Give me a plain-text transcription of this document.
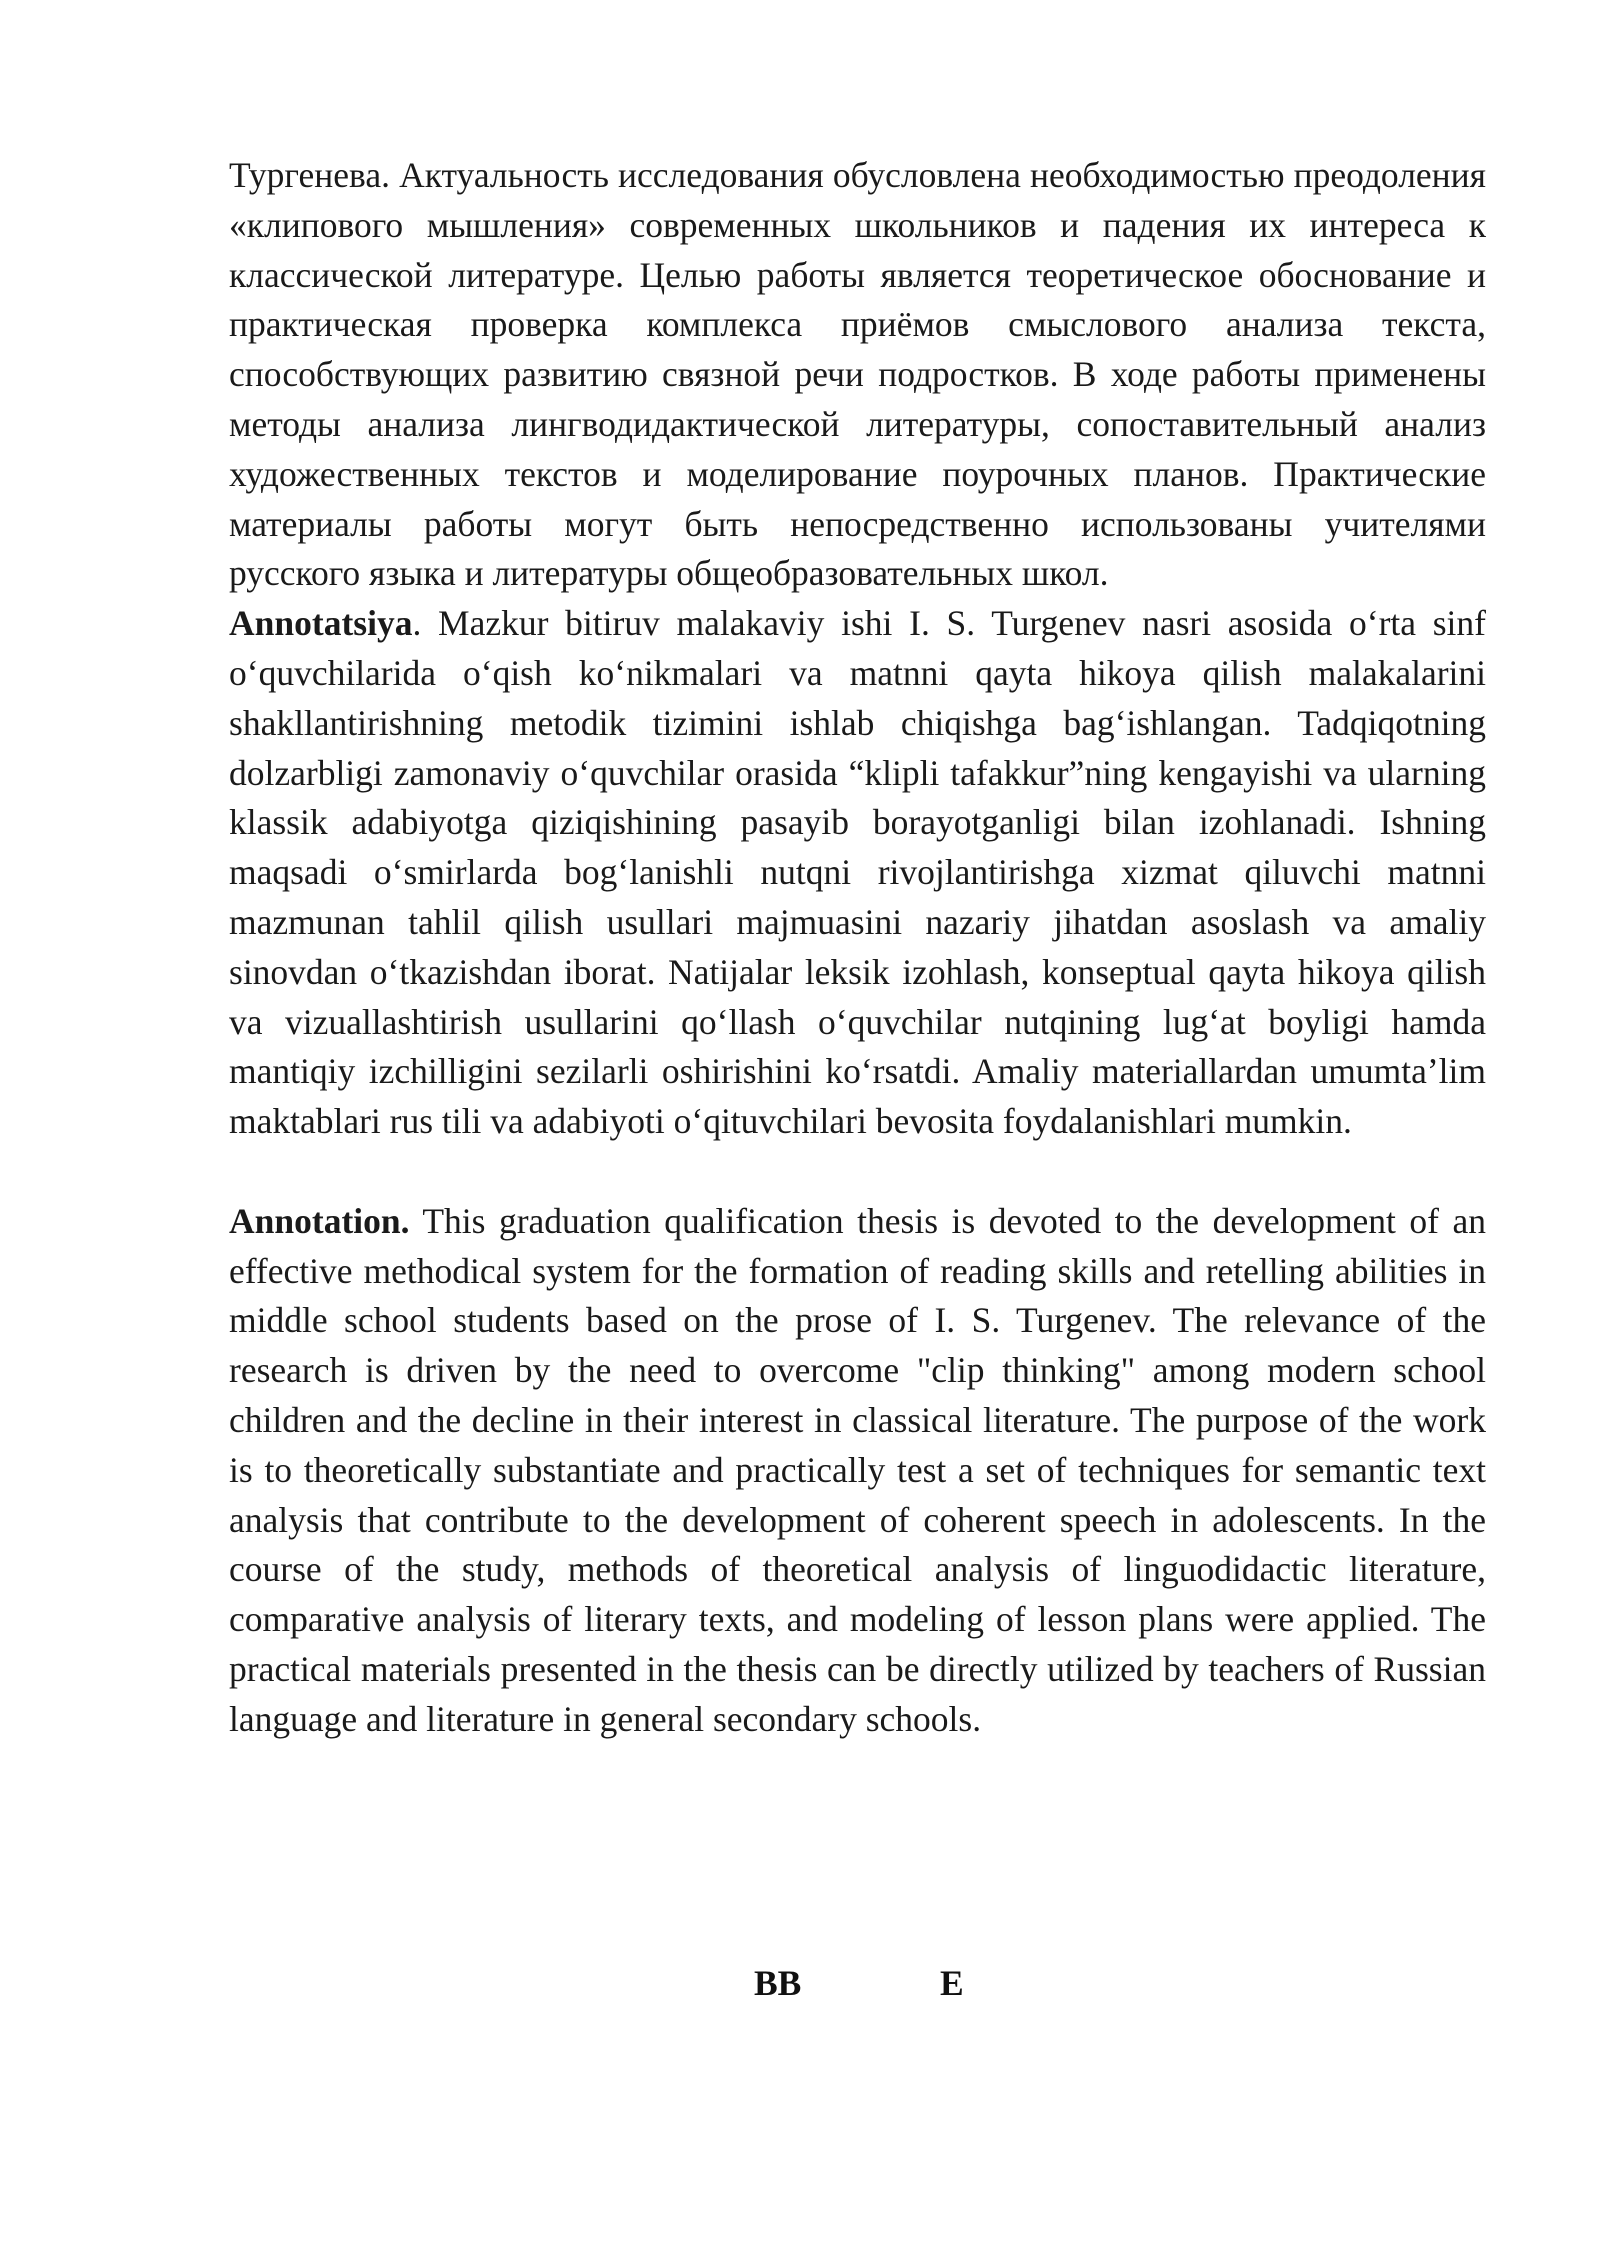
Тургенева. Актуальность исследования обусловлена необходимостью преодоления «клипового мышления» современных школьников и падения их интереса к классической литературе. Целью работы является теоретическое обоснование и практическая проверка комплекса приёмов смыслового анализа текста, способствующих развитию связной речи подростков. В ходе работы применены методы анализа лингводидактической литературы, сопоставительный анализ художественных текстов и моделирование поурочных планов. Практические материалы работы могут быть непосредственно использованы учителями русского языка и литературы общеобразовательных школ.

Annotatsiya. Mazkur bitiruv malakaviy ishi I. S. Turgenev nasri asosida oʻrta sinf oʻquvchilarida oʻqish koʻnikmalari va matnni qayta hikoya qilish malakalarini shakllantirishning metodik tizimini ishlab chiqishga bagʻishlangan. Tadqiqotning dolzarbligi zamonaviy oʻquvchilar orasida “klipli tafakkur”ning kengayishi va ularning klassik adabiyotga qiziqishining pasayib borayotganligi bilan izohlanadi. Ishning maqsadi oʻsmirlarda bogʻlanishli nutqni rivojlantirishga xizmat qiluvchi matnni mazmunan tahlil qilish usullari majmuasini nazariy jihatdan asoslash va amaliy sinovdan oʻtkazishdan iborat. Natijalar leksik izohlash, konseptual qayta hikoya qilish va vizuallashtirish usullarini qoʻllash oʻquvchilar nutqining lugʻat boyligi hamda mantiqiy izchilligini sezilarli oshirishini koʻrsatdi. Amaliy materiallardan umumtaʼlim maktablari rus tili va adabiyoti oʻqituvchilari bevosita foydalanishlari mumkin.

Annotation. This graduation qualification thesis is devoted to the development of an effective methodical system for the formation of reading skills and retelling abilities in middle school students based on the prose of I. S. Turgenev. The relevance of the research is driven by the need to overcome "clip thinking" among modern school children and the decline in their interest in classical literature. The purpose of the work is to theoretically substantiate and practically test a set of techniques for semantic text analysis that contribute to the development of coherent speech in adolescents. In the course of the study, methods of theoretical analysis of linguodidactic literature, comparative analysis of literary texts, and modeling of lesson plans were applied. The practical materials presented in the thesis can be directly utilized by teachers of Russian language and literature in general secondary schools.

ВВ	Е
